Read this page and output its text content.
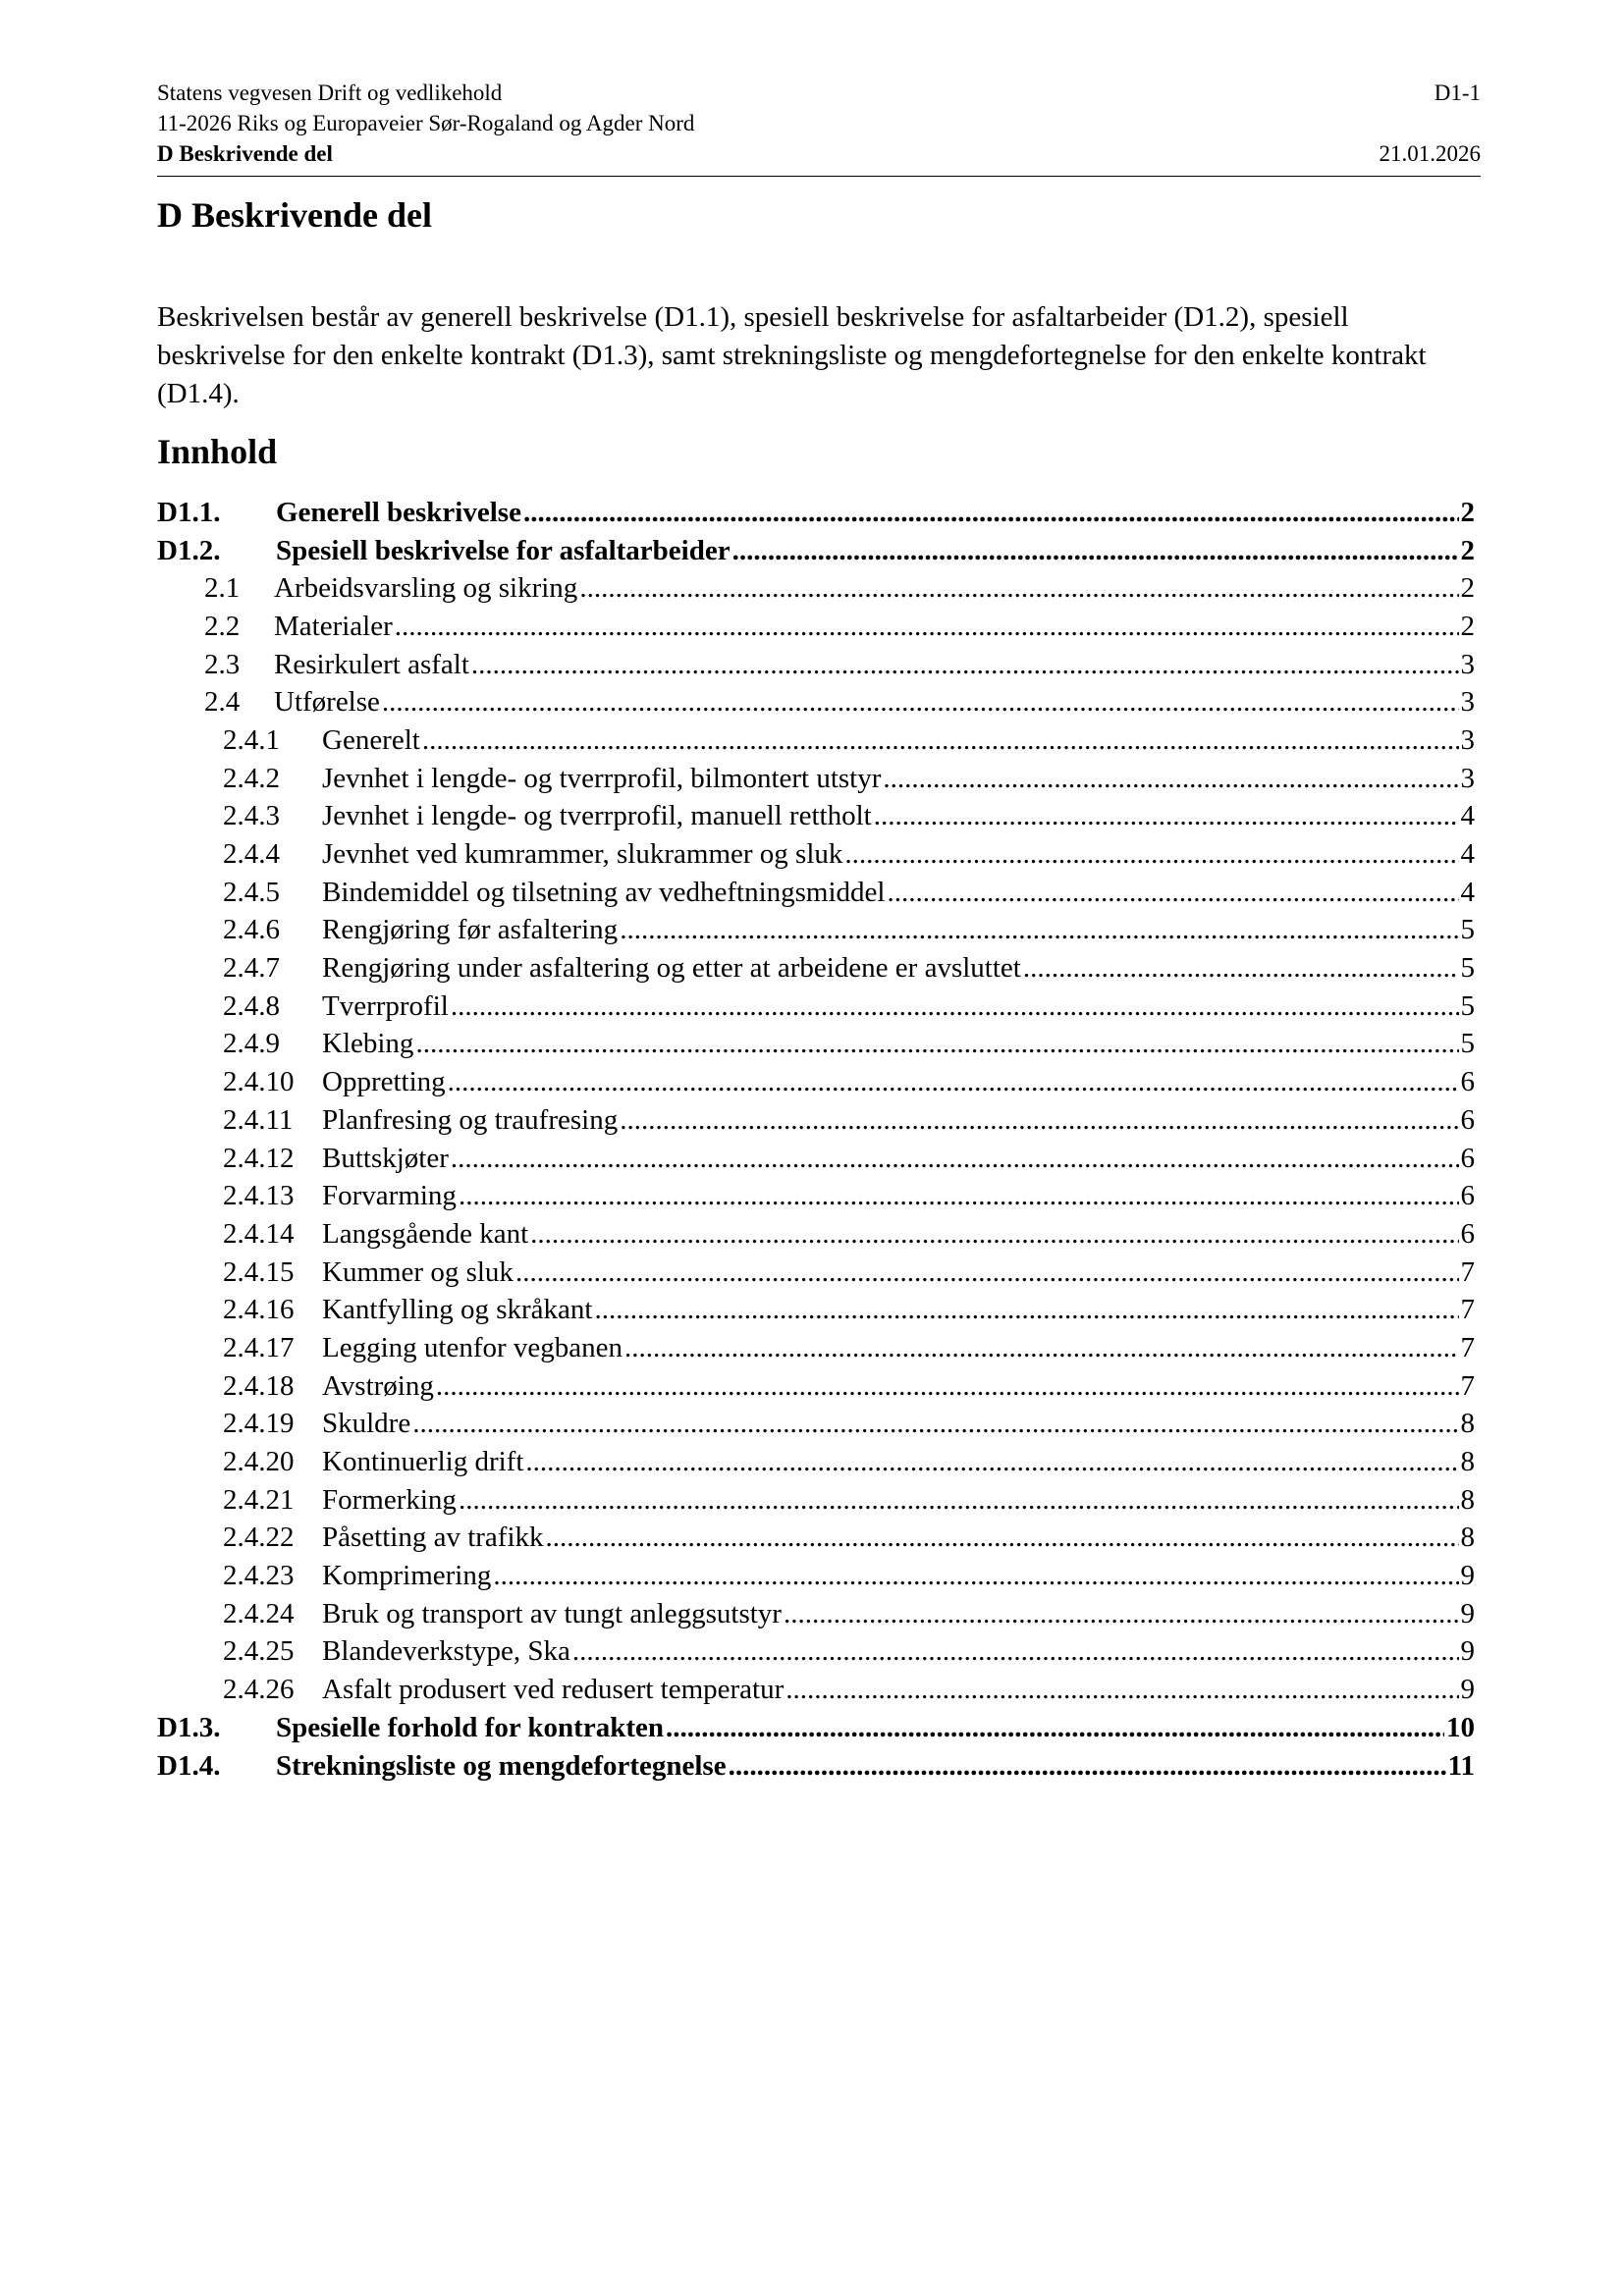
Statens vegvesen Drift og vedlikehold	D1-1
11-2026 Riks og Europaveier Sør-Rogaland og Agder Nord
D Beskrivende del	21.01.2026
D Beskrivende del

Beskrivelsen består av generell beskrivelse (D1.1), spesiell beskrivelse for asfaltarbeider (D1.2), spesiell beskrivelse for den enkelte kontrakt (D1.3), samt strekningsliste og mengdefortegnelse for den enkelte kontrakt (D1.4).

Innhold
D1.1.	Generell beskrivelse .....	2
D1.2.	Spesiell beskrivelse for asfaltarbeider .....	2
2.1	Arbeidsvarsling og sikring .....	2
2.2	Materialer .....	2
2.3	Resirkulert asfalt .....	3
2.4	Utførelse .....	3
2.4.1	Generelt .....	3
2.4.2	Jevnhet i lengde- og tverrprofil, bilmontert utstyr .....	3
2.4.3	Jevnhet i lengde- og tverrprofil, manuell rettholt .....	4
2.4.4	Jevnhet ved kumrammer, slukrammer og sluk .....	4
2.4.5	Bindemiddel og tilsetning av vedheftningsmiddel .....	4
2.4.6	Rengjøring før asfaltering .....	5
2.4.7	Rengjøring under asfaltering og etter at arbeidene er avsluttet .....	5
2.4.8	Tverrprofil .....	5
2.4.9	Klebing .....	5
2.4.10 Oppretting .....	6
2.4.11	Planfresing og traufresing .....	6
2.4.12 Buttskjøter .....	6
2.4.13 Forvarming .....	6
2.4.14 Langsgående kant .....	6
2.4.15 Kummer og sluk .....	7
2.4.16 Kantfylling og skråkant .....	7
2.4.17 Legging utenfor vegbanen .....	7
2.4.18 Avstrøing .....	7
2.4.19 Skuldre .....	8
2.4.20 Kontinuerlig drift .....	8
2.4.21 Formerking .....	8
2.4.22 Påsetting av trafikk .....	8
2.4.23 Komprimering .....	9
2.4.24 Bruk og transport av tungt anleggsutstyr .....	9
2.4.25 Blandeverkstype, Ska .....	9
2.4.26 Asfalt produsert ved redusert temperatur .....	9
D1.3.	Spesielle forhold for kontrakten .....	10
D1.4.	Strekningsliste og mengdefortegnelse .....	11
